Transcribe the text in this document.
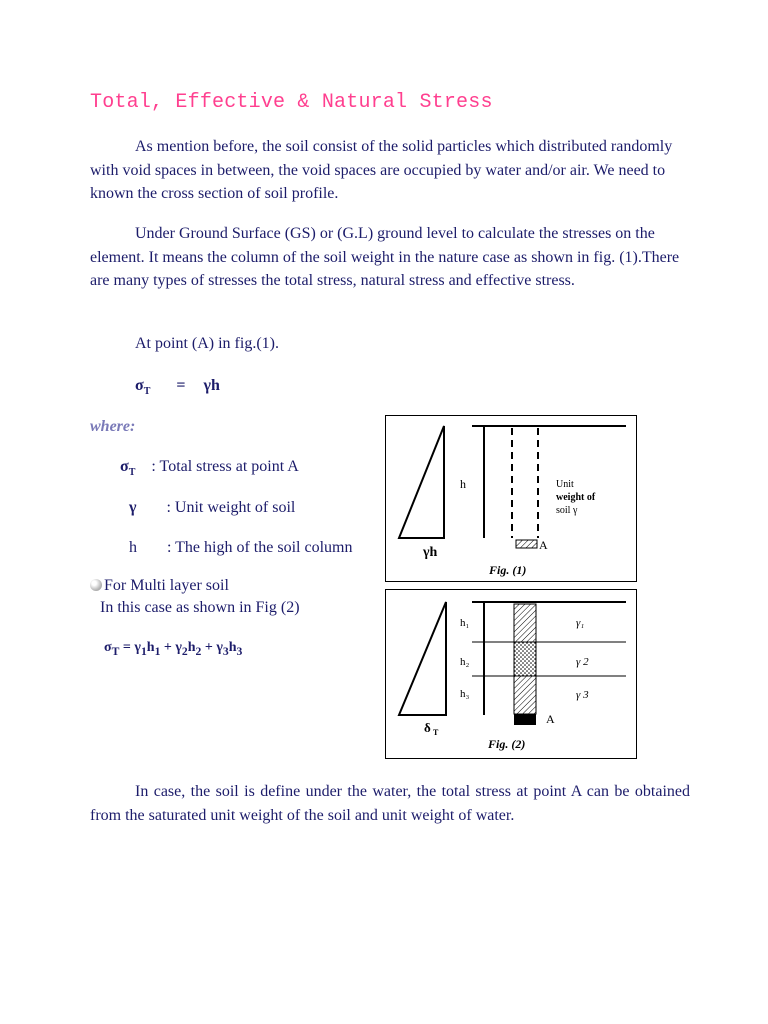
Total, Effective & Natural Stress
As mention before, the soil consist of the solid particles which distributed randomly with void spaces in between, the void spaces are occupied by water and/or air. We need to known the cross section of soil profile.
Under Ground Surface (GS) or (G.L) ground level to calculate the stresses on the element. It means the column of the soil weight in the nature case as shown in fig. (1).There are many types of stresses the total stress, natural stress and effective stress.
At point (A) in fig.(1).
$\sigma_T = \gamma h$
where:
$\sigma_T$ : Total stress at point A
γ : Unit weight of soil
h : The high of the soil column
For Multi layer soil
In this case as shown in Fig (2)
$\sigma_T = \gamma_1h_1 + \gamma_2h_2 + \gamma_3h_3$
h	Unit
weight of
soil γ
A
γh
Fig. (1)
h₁
h₂
h₃
γ₁
γ 2
γ 3
A
δ T
Fig. (2)
In case, the soil is define under the water, the total stress at point A can be obtained from the saturated unit weight of the soil and unit weight of water.
